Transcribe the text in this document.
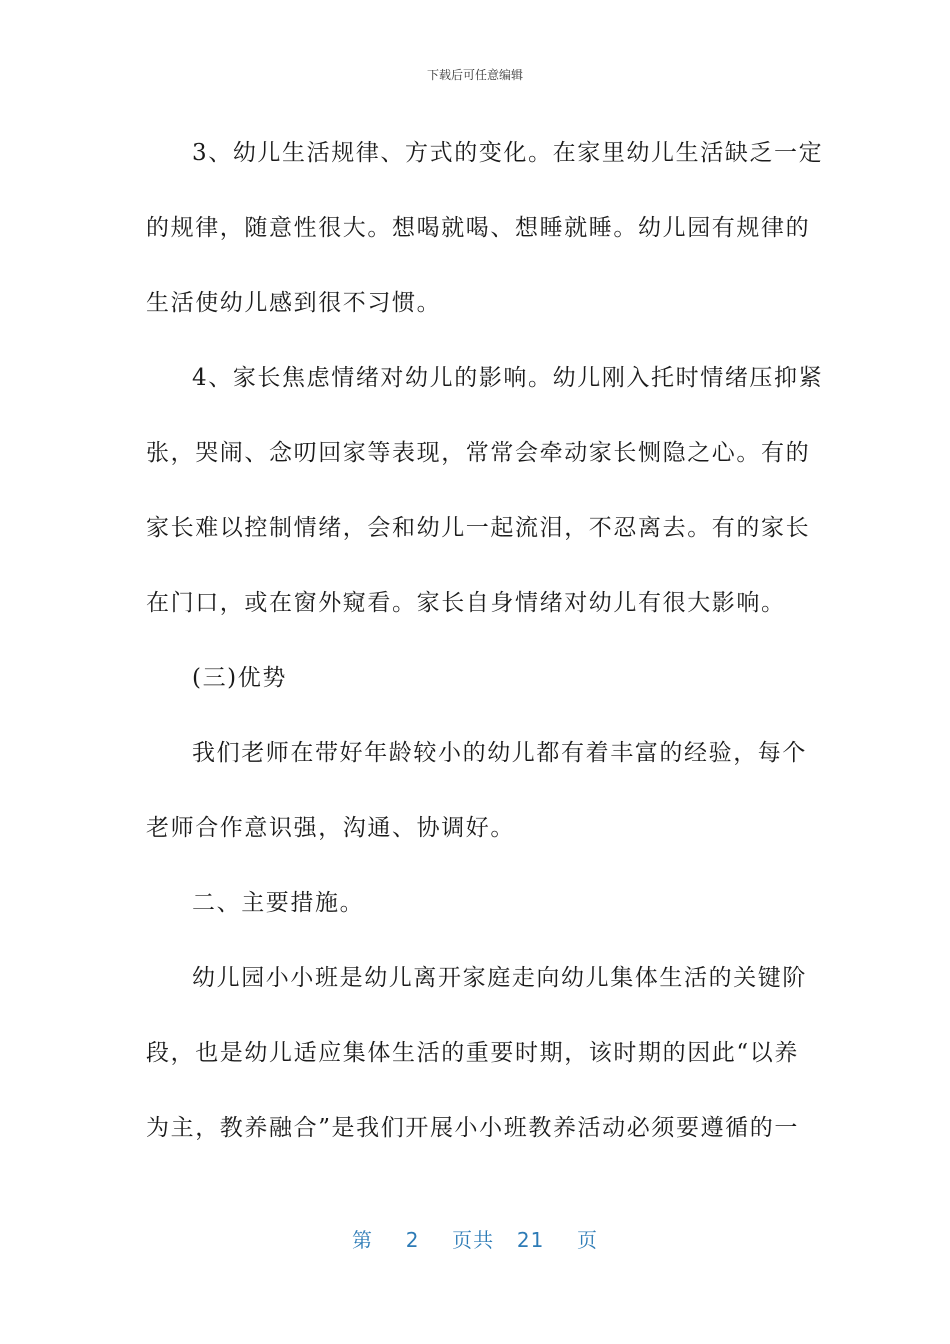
下载后可任意编辑
3、幼儿生活规律、方式的变化。在家里幼儿生活缺乏一定
的规律，随意性很大。想喝就喝、想睡就睡。幼儿园有规律的
生活使幼儿感到很不习惯。
4、家长焦虑情绪对幼儿的影响。幼儿刚入托时情绪压抑紧
张，哭闹、念叨回家等表现，常常会牵动家长恻隐之心。有的
家长难以控制情绪，会和幼儿一起流泪，不忍离去。有的家长
在门口，或在窗外窥看。家长自身情绪对幼儿有很大影响。
(三)优势
我们老师在带好年龄较小的幼儿都有着丰富的经验，每个
老师合作意识强，沟通、协调好。
二、主要措施。
幼儿园小小班是幼儿离开家庭走向幼儿集体生活的关键阶
段，也是幼儿适应集体生活的重要时期，该时期的因此“以养
为主，教养融合”是我们开展小小班教养活动必须要遵循的一
第 2 页共 21 页
